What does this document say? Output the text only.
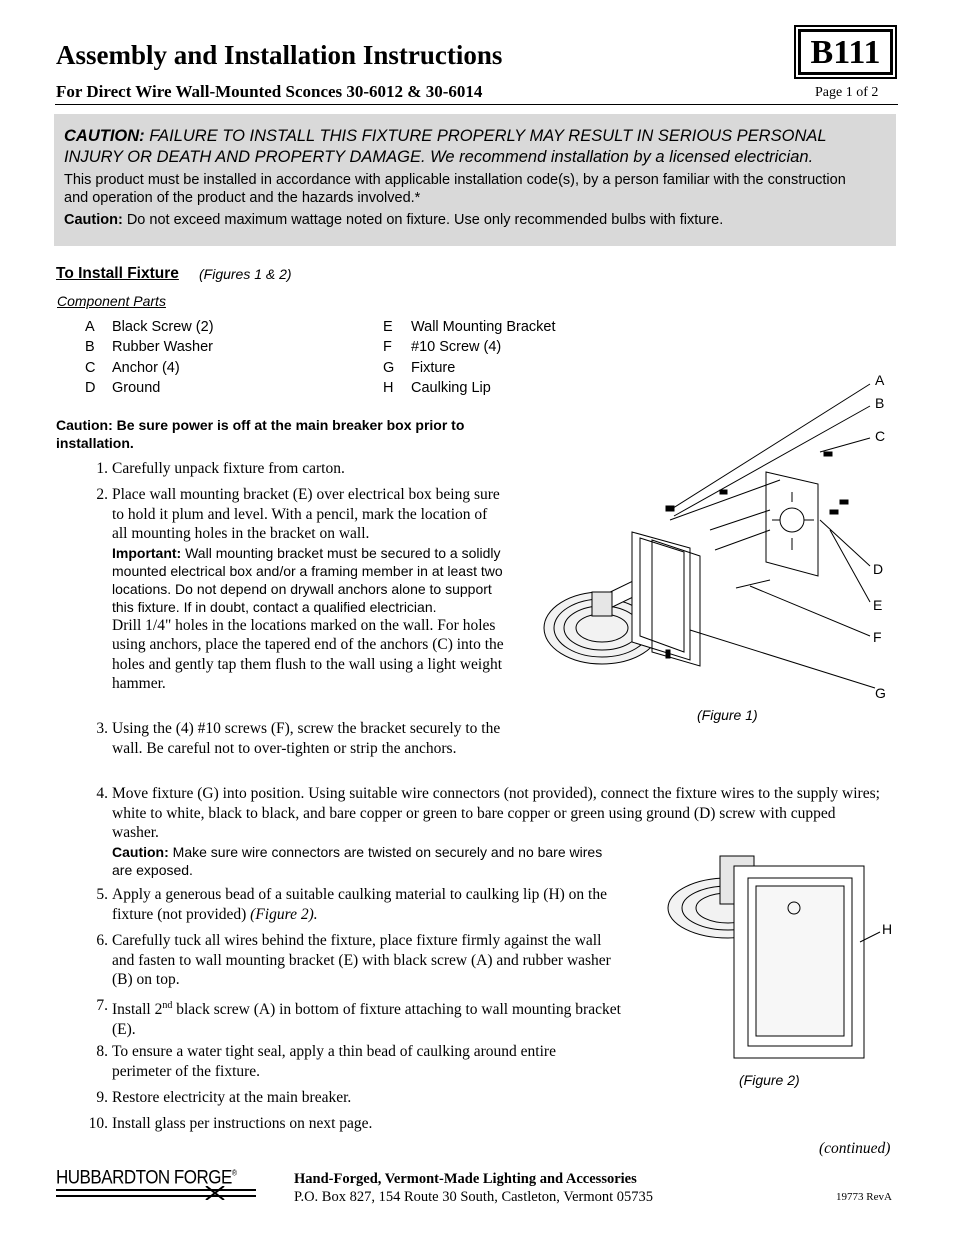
Assembly and Installation Instructions
For Direct Wire Wall-Mounted Sconces 30-6012 & 30-6014
B111
Page 1 of 2
CAUTION: FAILURE TO INSTALL THIS FIXTURE PROPERLY MAY RESULT IN SERIOUS PERSONAL INJURY OR DEATH AND PROPERTY DAMAGE. We recommend installation by a licensed electrician.
This product must be installed in accordance with applicable installation code(s), by a person familiar with the construction and operation of the product and the hazards involved.*
Caution: Do not exceed maximum wattage noted on fixture. Use only recommended bulbs with fixture.
To Install Fixture (Figures 1 & 2)
Component Parts
A	Black Screw (2)
B	Rubber Washer
C	Anchor (4)
D	Ground
E	Wall Mounting Bracket
F	#10 Screw (4)
G	Fixture
H	Caulking Lip
Caution: Be sure power is off at the main breaker box prior to installation.
1. Carefully unpack fixture from carton.
2. Place wall mounting bracket (E) over electrical box being sure to hold it plum and level. With a pencil, mark the location of all mounting holes in the bracket on wall.
Important: Wall mounting bracket must be secured to a solidly mounted electrical box and/or a framing member in at least two locations. Do not depend on drywall anchors alone to support this fixture. If in doubt, contact a qualified electrician.
Drill 1/4" holes in the locations marked on the wall. For holes using anchors, place the tapered end of the anchors (C) into the holes and gently tap them flush to the wall using a light weight hammer.
3. Using the (4) #10 screws (F), screw the bracket securely to the wall. Be careful not to over-tighten or strip the anchors.
4. Move fixture (G) into position. Using suitable wire connectors (not provided), connect the fixture wires to the supply wires; white to white, black to black, and bare copper or green to bare copper or green using ground (D) screw with cupped washer.
Caution: Make sure wire connectors are twisted on securely and no bare wires are exposed.
5. Apply a generous bead of a suitable caulking material to caulking lip (H) on the fixture (not provided) (Figure 2).
6. Carefully tuck all wires behind the fixture, place fixture firmly against the wall and fasten to wall mounting bracket (E) with black screw (A) and rubber washer (B) on top.
7. Install 2nd black screw (A) in bottom of fixture attaching to wall mounting bracket (E).
8. To ensure a water tight seal, apply a thin bead of caulking around entire perimeter of the fixture.
9. Restore electricity at the main breaker.
10. Install glass per instructions on next page.
A
B
C
D
E
F
G
(Figure 1)
H
(Figure 2)
(continued)
HUBBARDTON FORGE®	Hand-Forged, Vermont-Made Lighting and Accessories
P.O. Box 827, 154 Route 30 South, Castleton, Vermont 05735	19773 RevA
